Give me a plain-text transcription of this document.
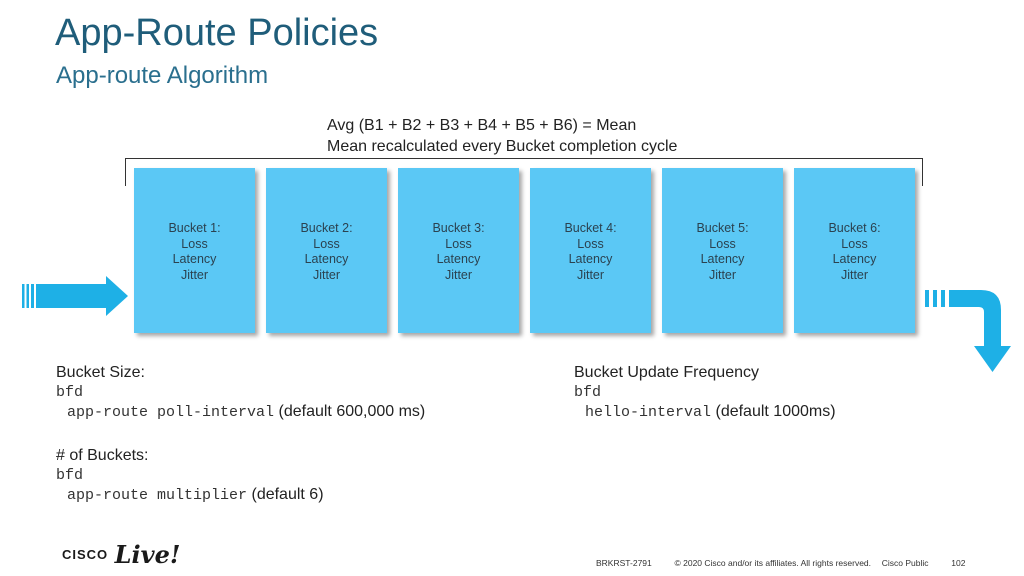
App-Route Policies
App-route Algorithm
Avg (B1 + B2 + B3 + B4 + B5 + B6) = Mean
Mean recalculated every Bucket completion cycle
Bucket 1:
Loss
Latency
Jitter
Bucket 2:
Loss
Latency
Jitter
Bucket 3:
Loss
Latency
Jitter
Bucket 4:
Loss
Latency
Jitter
Bucket 5:
Loss
Latency
Jitter
Bucket 6:
Loss
Latency
Jitter
Bucket Size:
bfd
app-route poll-interval (default 600,000 ms)
# of Buckets:
bfd
app-route multiplier (default 6)
Bucket Update Frequency
bfd
hello-interval (default 1000ms)
CISCO Live!	BRKRST-2791	© 2020 Cisco and/or its affiliates. All rights reserved. Cisco Public	102
